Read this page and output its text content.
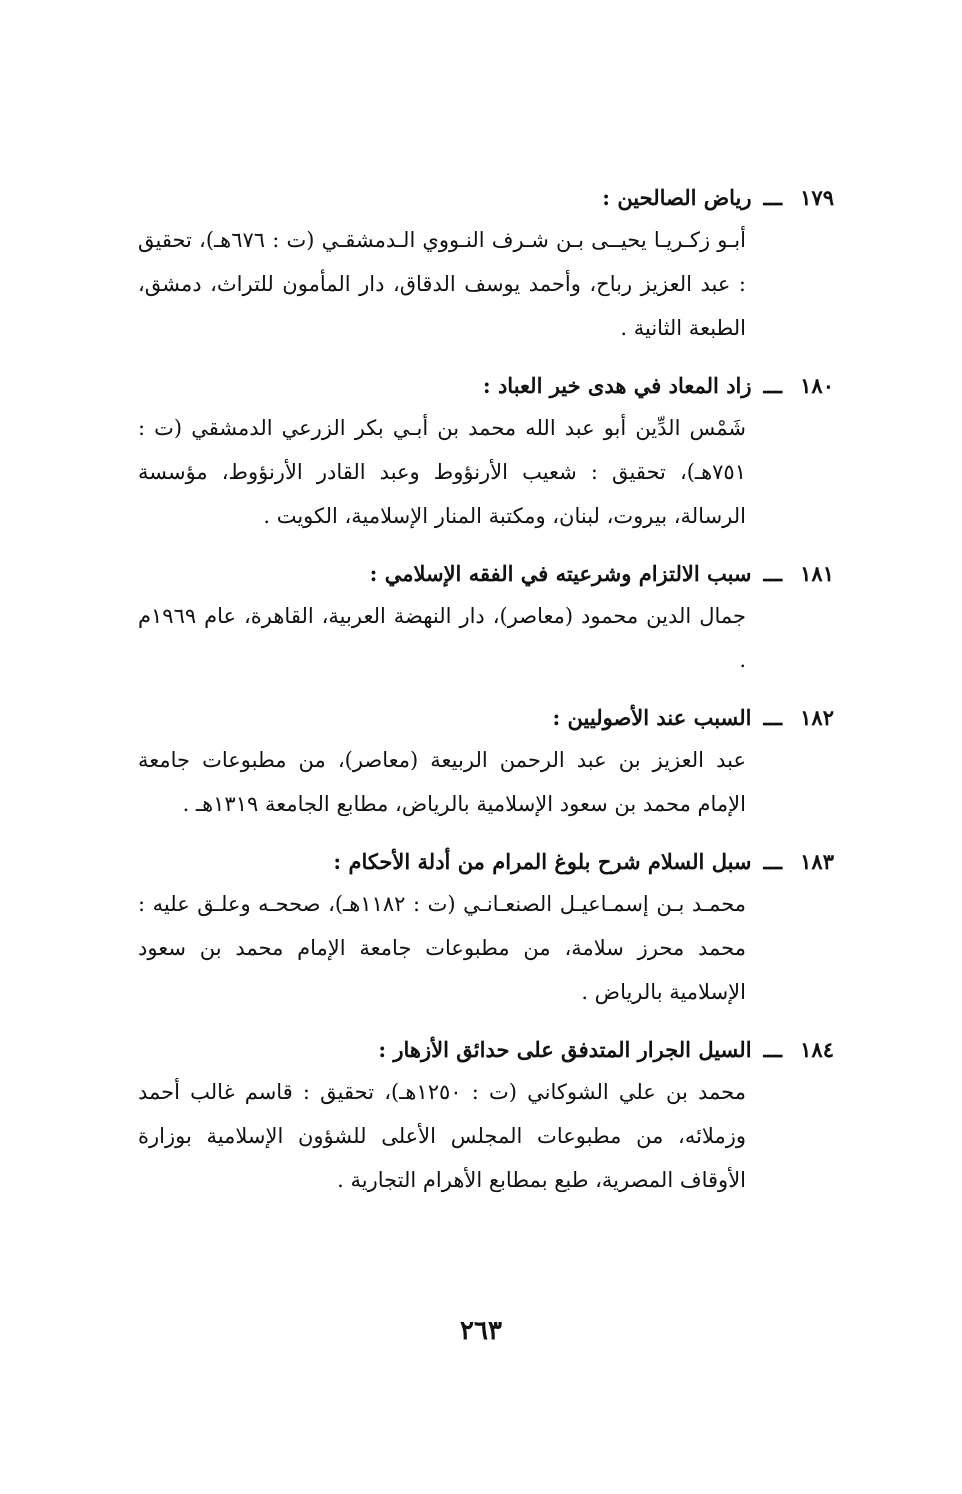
١٧٩
ـــ
رياض الصالحين :
أبـو زكـريـا يحيــى بـن شـرف النـووي الـدمشقـي (ت : ٦٧٦هـ)، تحقيق : عبد العزيز رباح، وأحمد يوسف الدقاق، دار المأمون للتراث، دمشق، الطبعة الثانية .
١٨٠
ـــ
زاد المعاد في هدى خير العباد :
شَمْس الدِّين أبو عبد الله محمد بن أبـي بكر الزرعي الدمشقي (ت : ٧٥١هـ)، تحقيق : شعيب الأرنؤوط وعبد القادر الأرنؤوط، مؤسسة الرسالة، بيروت، لبنان، ومكتبة المنار الإسلامية، الكويت .
١٨١
ـــ
سبب الالتزام وشرعيته في الفقه الإسلامي :
جمال الدين محمود (معاصر)، دار النهضة العربية، القاهرة، عام ١٩٦٩م .
١٨٢
ـــ
السبب عند الأصوليين :
عبد العزيز بن عبد الرحمن الربيعة (معاصر)، من مطبوعات جامعة الإمام محمد بن سعود الإسلامية بالرياض، مطابع الجامعة ١٣١٩هـ .
١٨٣
ـــ
سبل السلام شرح بلوغ المرام من أدلة الأحكام :
محمـد بـن إسمـاعيـل الصنعـانـي (ت : ١١٨٢هـ)، صححـه وعلـق عليه : محمد محرز سلامة، من مطبوعات جامعة الإمام محمد بن سعود الإسلامية بالرياض .
١٨٤
ـــ
السيل الجرار المتدفق على حدائق الأزهار :
محمد بن علي الشوكاني (ت : ١٢٥٠هـ)، تحقيق : قاسم غالب أحمد وزملائه، من مطبوعات المجلس الأعلى للشؤون الإسلامية بوزارة الأوقاف المصرية، طبع بمطابع الأهرام التجارية .
٢٦٣
